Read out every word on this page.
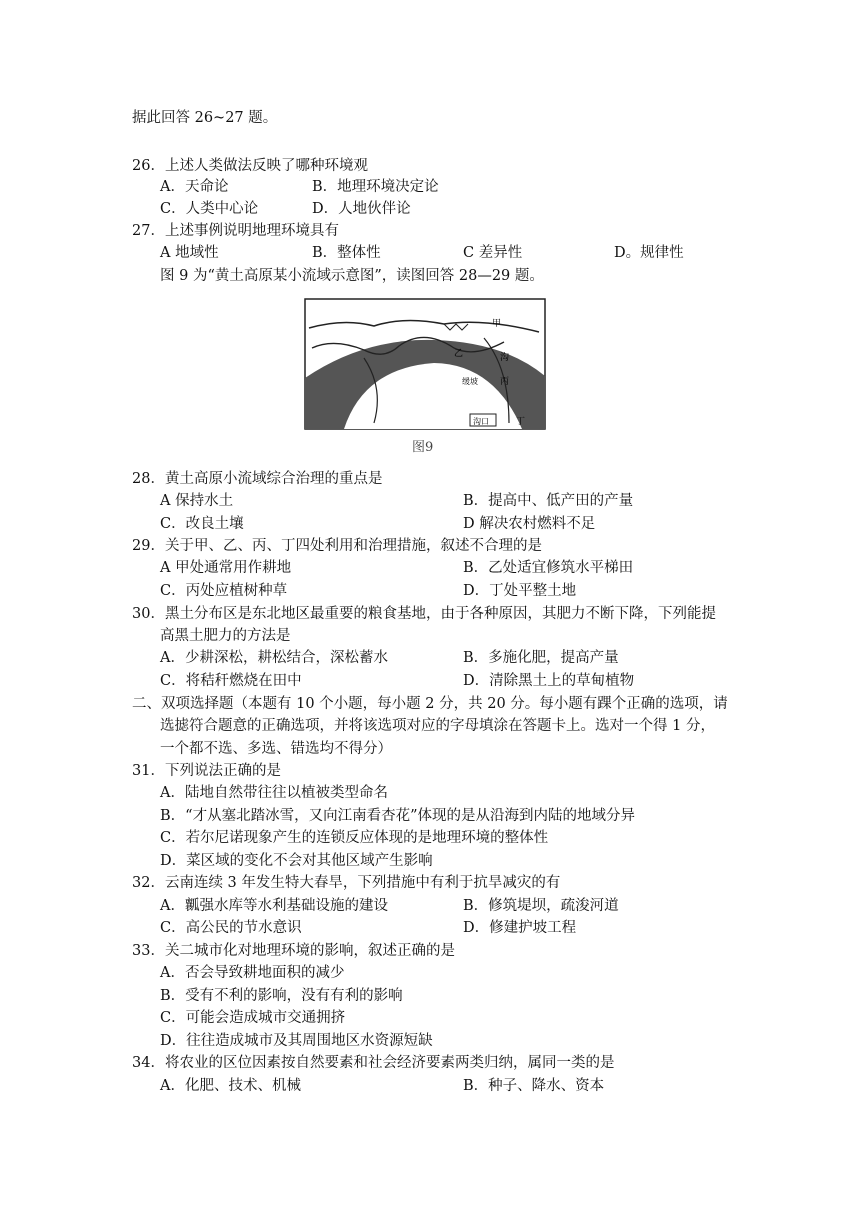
据此回答 26~27 题。
26．上述人类做法反映了哪种环境观
A．天命论	B．地理环境决定论
C．人类中心论	D．人地伙伴论
27．上述事例说明地理环境具有
A 地域性	B．整体性	C 差异性	D。规律性
图 9 为“黄土高原某小流域示意图”，读图回答 28—29 题。
甲
乙	沟
丙
缓坡
沟口	丁
图9
28．黄土高原小流域综合治理的重点是
A 保持水土	B．提高中、低产田的产量
C．改良土壤	D 解决农村燃料不足
29．关于甲、乙、丙、丁四处利用和治理措施，叙述不合理的是
A 甲处通常用作耕地	B．乙处适宜修筑水平梯田
C．丙处应植树种草	D．丁处平整土地
30．黑土分布区是东北地区最重要的粮食基地，由于各种原因，其肥力不断下降，下列能提
高黑土肥力的方法是
A．少耕深松，耕松结合，深松蓄水	B．多施化肥，提高产量
C．将秸秆燃烧在田中	D．清除黑土上的草甸植物
二、双项选择题（本题有 10 个小题，每小题 2 分，共 20 分。每小题有踝个正确的选项，请
选摅符合题意的正确选项，并将该选项对应的字母填涂在答题卡上。选对一个得 1 分，
一个都不选、多选、错选均不得分）
31．下列说法正确的是
A．陆地自然带往往以植被类型命名
B．“才从塞北踏冰雪，又向江南看杏花”体现的是从沿海到内陆的地域分异
C．若尔尼诺现象产生的连锁反应体现的是地理环境的整体性
D．菜区域的变化不会对其他区域产生影响
32．云南连续 3 年发生特大春旱，下列措施中有利于抗旱减灾的有
A．瓤强水库等水利基础设施的建设	B．修筑堤坝，疏浚河道
C．高公民的节水意识	D．修建护坡工程
33．关二城市化对地理环境的影响，叙述正确的是
A．否会导致耕地面积的减少
B．受有不利的影响，没有有利的影响
C．可能会造成城市交通拥挤
D．往往造成城市及其周围地区水资源短缺
34．将农业的区位因素按自然要素和社会经济要素两类归纳，属同一类的是
A．化肥、技术、机械	B．种子、降水、资本
